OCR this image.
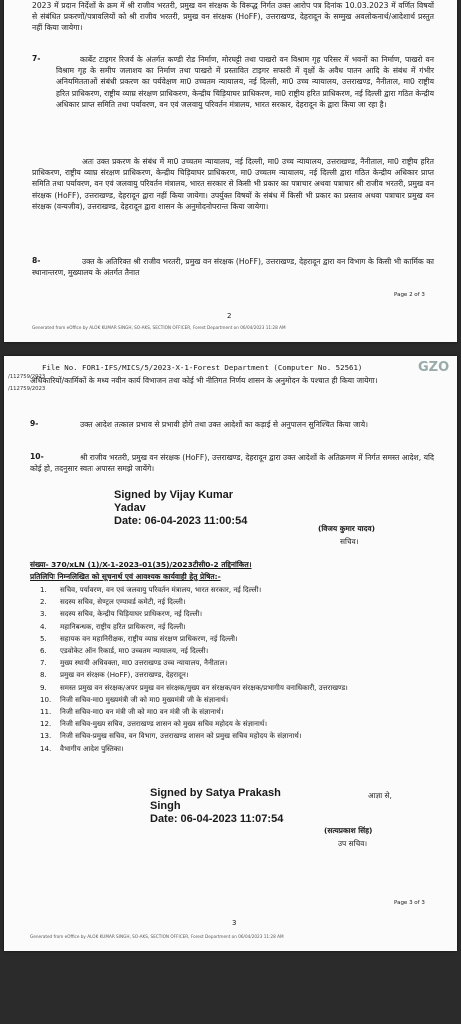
2023 में प्रदान निर्देशों के क्रम में श्री राजीव भरतरी, प्रमुख वन संरक्षक के विरूद्ध निर्गत उक्त आरोप पत्र दिनांक 10.03.2023 में वर्णित विषयों से संबंधित प्रकरणों/पत्रावलियों को श्री राजीव भरतरी, प्रमुख वन संरक्षक (HoFF), उत्तराखण्ड, देहरादून के सम्मुख अवलोकनार्थ/आदेशार्थ प्रस्तुत नहीं किया जायेगा।
7-	कार्बेट टाइगर रिजर्व के अंतर्गत कण्डी रोड निर्माण, मोरघट्टी तथा पाखरो वन विश्राम गृह परिसर में भवनों का निर्माण, पाखरो वन विश्राम गृह के समीप जलाशय का निर्माण तथा पाखरो में प्रस्तावित टाइगर सफारी में वृक्षों के अवैध पातन आदि के संबंध में गंभीर अनियमितताओं संबंधी प्रकरण का पर्यवेक्षण मा0 उच्चतम न्यायालय, नई दिल्ली, मा0 उच्च न्यायालय, उत्तराखण्ड, नैनीताल, मा0 राष्ट्रीय हरित प्राधिकरण, राष्ट्रीय व्याघ्र संरक्षण प्राधिकरण, केन्द्रीय चिड़ियाघर प्राधिकरण, मा0 राष्ट्रीय हरित प्राधिकरण, नई दिल्ली द्वारा गठित केन्द्रीय अधिकार प्राप्त समिति तथा पर्यावरण, वन एवं जलवायु परिवर्तन मंत्रालय, भारत सरकार, देहरादून के द्वारा किया जा रहा है।
अतः उक्त प्रकरण के संबंध में मा0 उच्चतम न्यायालय, नई दिल्ली, मा0 उच्च न्यायालय, उत्तराखण्ड, नैनीताल, मा0 राष्ट्रीय हरित प्राधिकरण, राष्ट्रीय व्याघ्र संरक्षण प्राधिकरण, केन्द्रीय चिड़ियाघर प्राधिकरण, मा0 उच्चतम न्यायालय, नई दिल्ली द्वारा गठित केन्द्रीय अधिकार प्राप्त समिति तथा पर्यावरण, वन एवं जलवायु परिवर्तन मंत्रालय, भारत सरकार से किसी भी प्रकार का पत्राचार अथवा पत्राचार श्री राजीव भरतरी, प्रमुख वन संरक्षक (HoFF), उत्तराखण्ड, देहरादून द्वारा नहीं किया जायेगा। उपर्युक्त विषयों के संबंध में किसी भी प्रकार का प्रस्ताव अथवा पत्राचार प्रमुख वन संरक्षक (वन्यजीव), उत्तराखण्ड, देहरादून द्वारा शासन के अनुमोदनोपरान्त किया जायेगा।
8-	उक्त के अतिरिक्त श्री राजीव भरतरी, प्रमुख वन संरक्षक (HoFF), उत्तराखण्ड, देहरादून द्वारा वन विभाग के किसी भी कार्मिक का स्थानान्तरण, मुख्यालय के अंतर्गत तैनात
2
Page 2 of 3
Generated from eOffice by ALOK KUMAR SINGH, SO-AKS, SECTION OFFICER, Forest Department on 06/04/2023 11:28 AM
File No. FOR1-IFS/MICS/5/2023-X-1-Forest Department (Computer No. 52561)	GZO
/112759/2023
/112759/2023
अधिकारियों/कार्मिकों के मध्य नवीन कार्य विभाजन तथा कोई भी नीतिगत निर्णय शासन के अनुमोदन के पश्चात ही किया जायेगा।
9-	उक्त आदेश तत्काल प्रभाव से प्रभावी होगे तथा उक्त आदेशों का कड़ाई से अनुपालन सुनिश्चित किया जाये।
10-	श्री राजीव भरतरी, प्रमुख वन संरक्षक (HoFF), उत्तराखण्ड, देहरादून द्वारा उक्त आदेशों के अतिक्रमण में निर्गत समस्त आदेश, यदि कोई हो, तदनुसार स्वतः अपास्त समझे जायेंगे।
Signed by Vijay Kumar
Yadav
Date: 06-04-2023 11:00:54
(विजय कुमार यादव)
सचिव।
संख्या- 370/xLN (1)/X-1-2023-01(35)/2023टीसी0-2 तद्दिनांकित।
प्रतिलिपिः निम्नलिखित को सूचनार्थ एवं आवश्यक कार्यवाही हेतु प्रेषित:-
1. सचिव, पर्यावरण, वन एवं जलवायु परिवर्तन मंत्रालय, भारत सरकार, नई दिल्ली।
2. सदस्य सचिव, सेण्ट्रल एम्पावर्ड कमेटी, नई दिल्ली।
3. सदस्य सचिव, केन्द्रीय चिड़ियाघर प्राधिकरण, नई दिल्ली।
4. महानिबन्धक, राष्ट्रीय हरित प्राधिकरण, नई दिल्ली।
5. सहायक वन महानिरीक्षक, राष्ट्रीय व्याघ्र संरक्षण प्राधिकरण, नई दिल्ली।
6. एडवोकेट ऑन रिकार्ड, मा0 उच्चतम न्यायालय, नई दिल्ली।
7. मुख्य स्थायी अधिवक्ता, मा0 उत्तराखण्ड उच्च न्यायालय, नैनीताल।
8. प्रमुख वन संरक्षक (HoFF), उत्तराखण्ड, देहरादून।
9. समस्त प्रमुख वन संरक्षक/अपर प्रमुख वन संरक्षक/मुख्य वन संरक्षक/वन संरक्षक/प्रभागीय वनाधिकारी, उत्तराखण्ड।
10. निजी सचिव-मा0 मुख्यमंत्री जी को मा0 मुख्यमंत्री जी के संज्ञानार्थ।
11. निजी सचिव-मा0 वन मंत्री जी को मा0 वन मंत्री जी के संज्ञानार्थ।
12. निजी सचिव-मुख्य सचिव, उत्तराखण्ड शासन को मुख्य सचिव महोदय के संज्ञानार्थ।
13. निजी सचिव-प्रमुख सचिव, वन विभाग, उत्तराखण्ड शासन को प्रमुख सचिव महोदय के संज्ञानार्थ।
14. वैभागीय आदेश पुस्तिका।
आज्ञा से,
Signed by Satya Prakash
Singh
Date: 06-04-2023 11:07:54
(सत्यप्रकाश सिंह)
उप सचिव।
3
Page 3 of 3
Generated from eOffice by ALOK KUMAR SINGH, SO-AKS, SECTION OFFICER, Forest Department on 06/04/2023 11:28 AM
